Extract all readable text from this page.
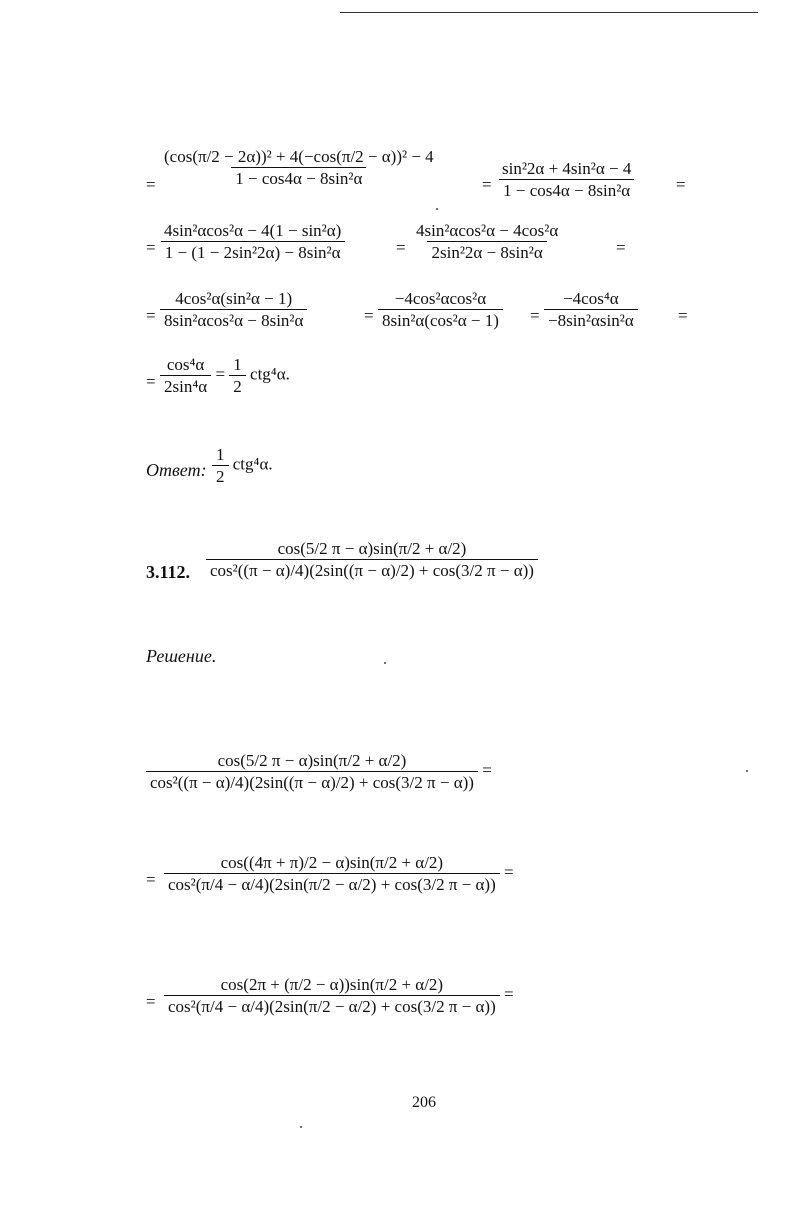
= $\frac{\text{(cos(π/2 − 2α))² + 4(−cos(π/2 − α))² − 4}}{\text{1 − cos4α − 8sin²α}}$	= $\frac{\text{sin²2α + 4sin²α − 4}}{\text{1 − cos4α − 8sin²α}}$ =
= $\frac{\text{4sin²αcos²α − 4(1 − sin²α)}}{\text{1 − (1 − 2sin²2α) − 8sin²α}}$	= $\frac{\text{4sin²αcos²α − 4cos²α}}{\text{2sin²2α − 8sin²α}}$	=
= $\frac{\text{4cos²α(sin²α − 1)}}{\text{8sin²αcos²α − 8sin²α}}$	= $\frac{\text{−4cos²αcos²α}}{\text{8sin²α(cos²α − 1)}} = \frac{\text{−4cos⁴α}}{\text{−8sin²αsin²α}}$ =
= $\frac{\text{cos⁴α}}{\text{2sin⁴α}} = \frac{1}{2} ctg^4\alpha$.
Ответ: $\frac{1}{2} ctg^4\alpha$.
3.112. $\frac{\cos(5/2 \pi - \alpha)\sin(\pi/2 + \alpha/2)}{\text{cos²((π − α)/4)(2sin((π − α)/2) + cos(3/2 π − α))}}$
Решение.
$\frac{\cos(5/2 \pi - \alpha)\sin(\pi/2 + \alpha/2)}{\text{cos²((π − α)/4)(2sin((π − α)/2) + cos(3/2 π − α))}}$ =
= $\frac{\cos((4\pi + \pi)/2 - \alpha)\sin(\pi/2 + \alpha/2)}{\text{cos²(π/4 − α/4)(2sin(π/2 − α/2) + cos(3/2 π − α))}}$ =
= $\frac{\cos(2\pi + (\pi/2 - \alpha))\sin(\pi/2 + \alpha/2)}{\text{cos²(π/4 − α/4)(2sin(π/2 − α/2) + cos(3/2 π − α))}}$ =
206
